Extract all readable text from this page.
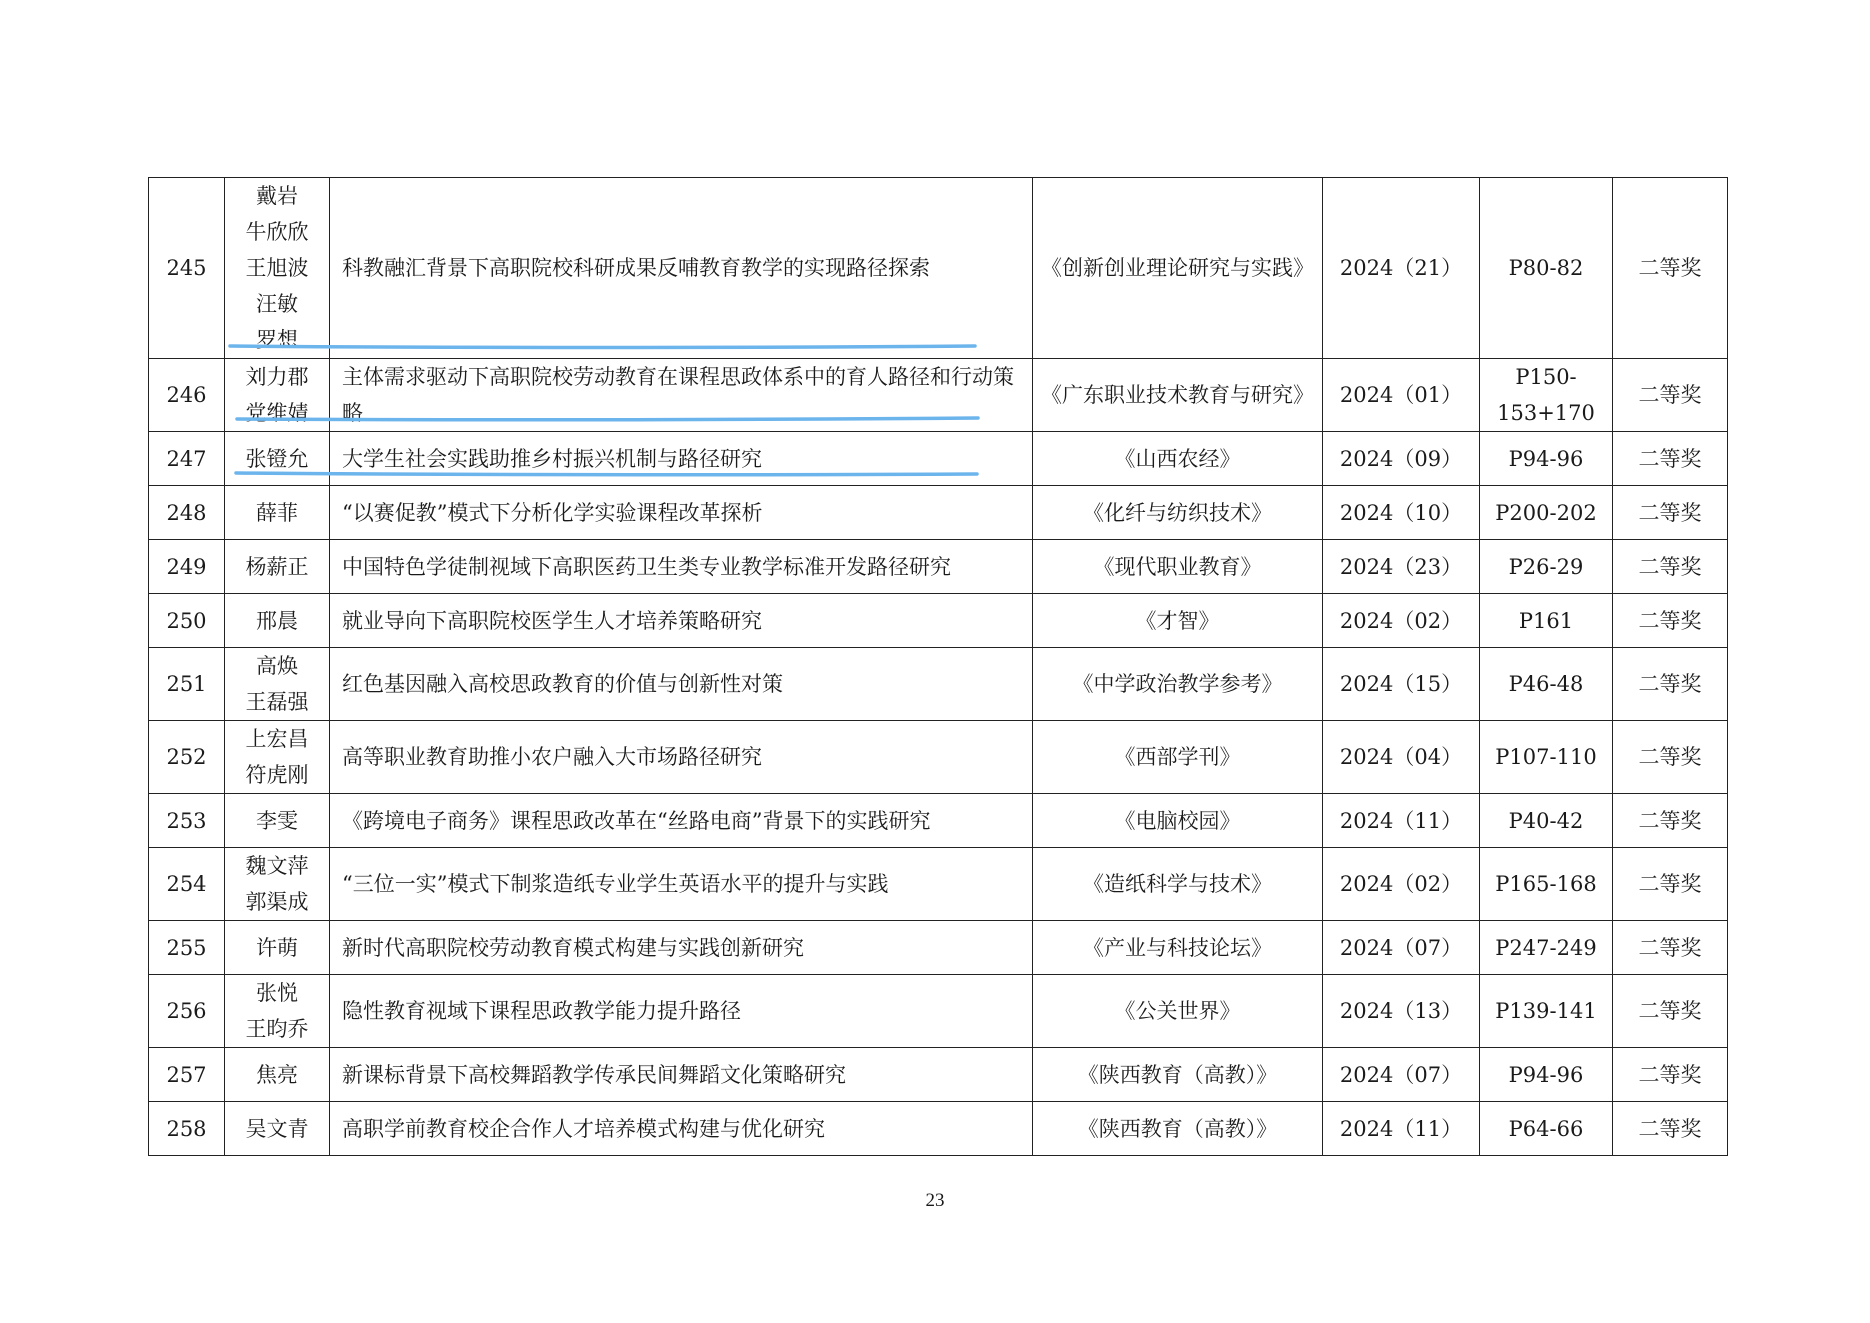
245	戴岩
牛欣欣
王旭波
汪敏
罗想	科教融汇背景下高职院校科研成果反哺教育教学的实现路径探索	《创新创业理论研究与实践》	2024（21）	P80-82	二等奖
246	刘力郡
党维婧	主体需求驱动下高职院校劳动教育在课程思政体系中的育人路径和行动策略	《广东职业技术教育与研究》	2024（01）	P150-153+170	二等奖
247	张镫允	大学生社会实践助推乡村振兴机制与路径研究	《山西农经》	2024（09）	P94-96	二等奖
248	薛菲	“以赛促教”模式下分析化学实验课程改革探析	《化纤与纺织技术》	2024（10）	P200-202	二等奖
249	杨薪正	中国特色学徒制视域下高职医药卫生类专业教学标准开发路径研究	《现代职业教育》	2024（23）	P26-29	二等奖
250	邢晨	就业导向下高职院校医学生人才培养策略研究	《才智》	2024（02）	P161	二等奖
251	高焕
王磊强	红色基因融入高校思政教育的价值与创新性对策	《中学政治教学参考》	2024（15）	P46-48	二等奖
252	上宏昌
符虎刚	高等职业教育助推小农户融入大市场路径研究	《西部学刊》	2024（04）	P107-110	二等奖
253	李雯	《跨境电子商务》课程思政改革在“丝路电商”背景下的实践研究	《电脑校园》	2024（11）	P40-42	二等奖
254	魏文萍
郭渠成	“三位一实”模式下制浆造纸专业学生英语水平的提升与实践	《造纸科学与技术》	2024（02）	P165-168	二等奖
255	许萌	新时代高职院校劳动教育模式构建与实践创新研究	《产业与科技论坛》	2024（07）	P247-249	二等奖
256	张悦
王昀乔	隐性教育视域下课程思政教学能力提升路径	《公关世界》	2024（13）	P139-141	二等奖
257	焦亮	新课标背景下高校舞蹈教学传承民间舞蹈文化策略研究	《陕西教育（高教）》	2024（07）	P94-96	二等奖
258	吴文青	高职学前教育校企合作人才培养模式构建与优化研究	《陕西教育（高教）》	2024（11）	P64-66	二等奖
23
